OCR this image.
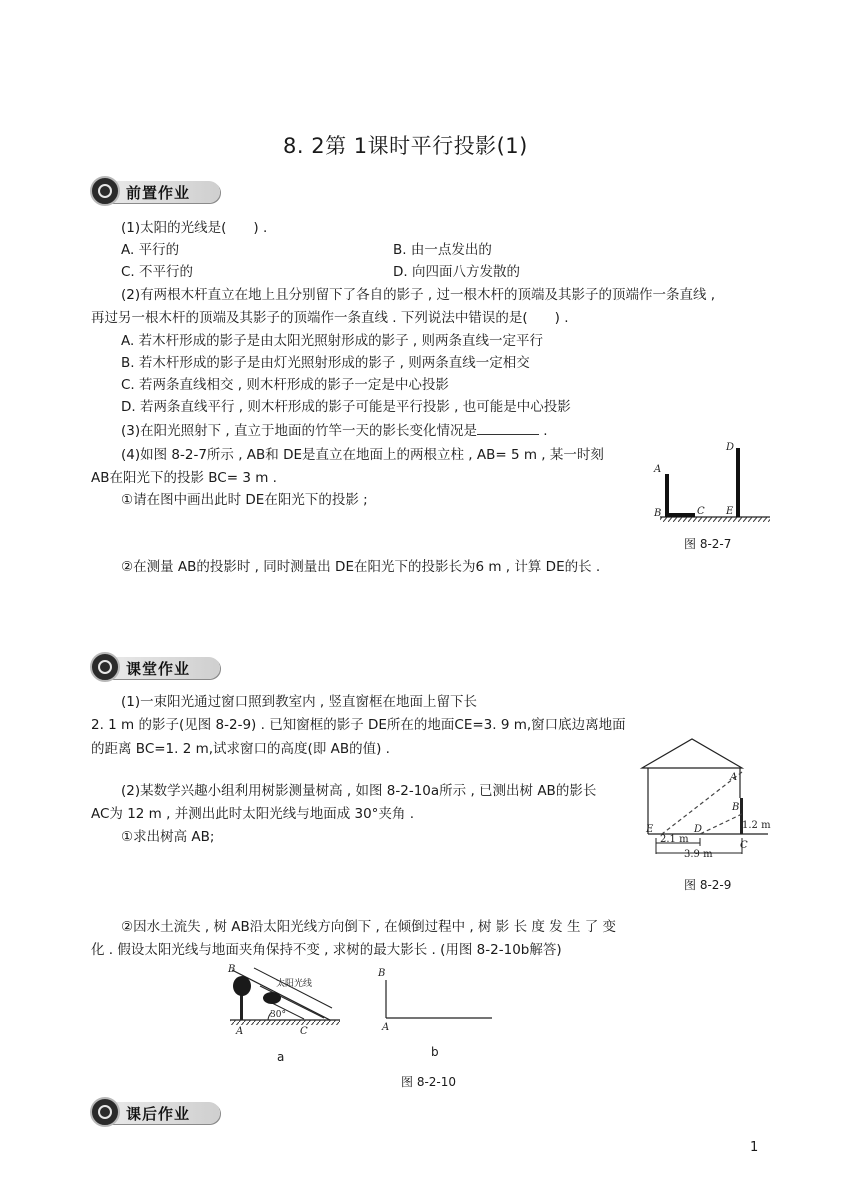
8. 2第 1课时平行投影(1)
前置作业
(1)太阳的光线是(　　) .
A. 平行的	B. 由一点发出的
C. 不平行的	D. 向四面八方发散的
(2)有两根木杆直立在地上且分别留下了各自的影子 , 过一根木杆的顶端及其影子的顶端作一条直线 ,
再过另一根木杆的顶端及其影子的顶端作一条直线 . 下列说法中错误的是(　　) .
A. 若木杆形成的影子是由太阳光照射形成的影子 , 则两条直线一定平行
B. 若木杆形成的影子是由灯光照射形成的影子 , 则两条直线一定相交
C. 若两条直线相交 , 则木杆形成的影子一定是中心投影
D. 若两条直线平行 , 则木杆形成的影子可能是平行投影 , 也可能是中心投影
(3)在阳光照射下 , 直立于地面的竹竿一天的影长变化情况是	.
(4)如图 8-2-7所示 , AB和 DE是直立在地面上的两根立柱 , AB= 5 m , 某一时刻
AB在阳光下的投影 BC= 3 m .
①请在图中画出此时 DE在阳光下的投影 ;
A
B	C
D
E
图 8-2-7
②在测量 AB的投影时 , 同时测量出 DE在阳光下的投影长为6 m , 计算 DE的长 .
课堂作业
(1)一束阳光通过窗口照到教室内 , 竖直窗框在地面上留下长
2. 1 m 的影子(见图 8-2-9) . 已知窗框的影子 DE所在的地面CE=3. 9 m,窗口底边离地面
的距离 BC=1. 2 m,试求窗口的高度(即 AB的值) .
A
B
C
D
E	1.2 m
2.1 m
3.9 m
图 8-2-9
(2)某数学兴趣小组利用树影测量树高 , 如图 8-2-10a所示 , 已测出树 AB的影长
AC为 12 m , 并测出此时太阳光线与地面成 30°夹角 .
①求出树高 AB;
②因水土流失 , 树 AB沿太阳光线方向倒下 , 在倾倒过程中 , 树 影 长 度 发 生 了 变
化 . 假设太阳光线与地面夹角保持不变 , 求树的最大影长 . (用图 8-2-10b解答)
B
A	C
太阳光线
30°
a
B
A
b
图 8-2-10
课后作业
1
